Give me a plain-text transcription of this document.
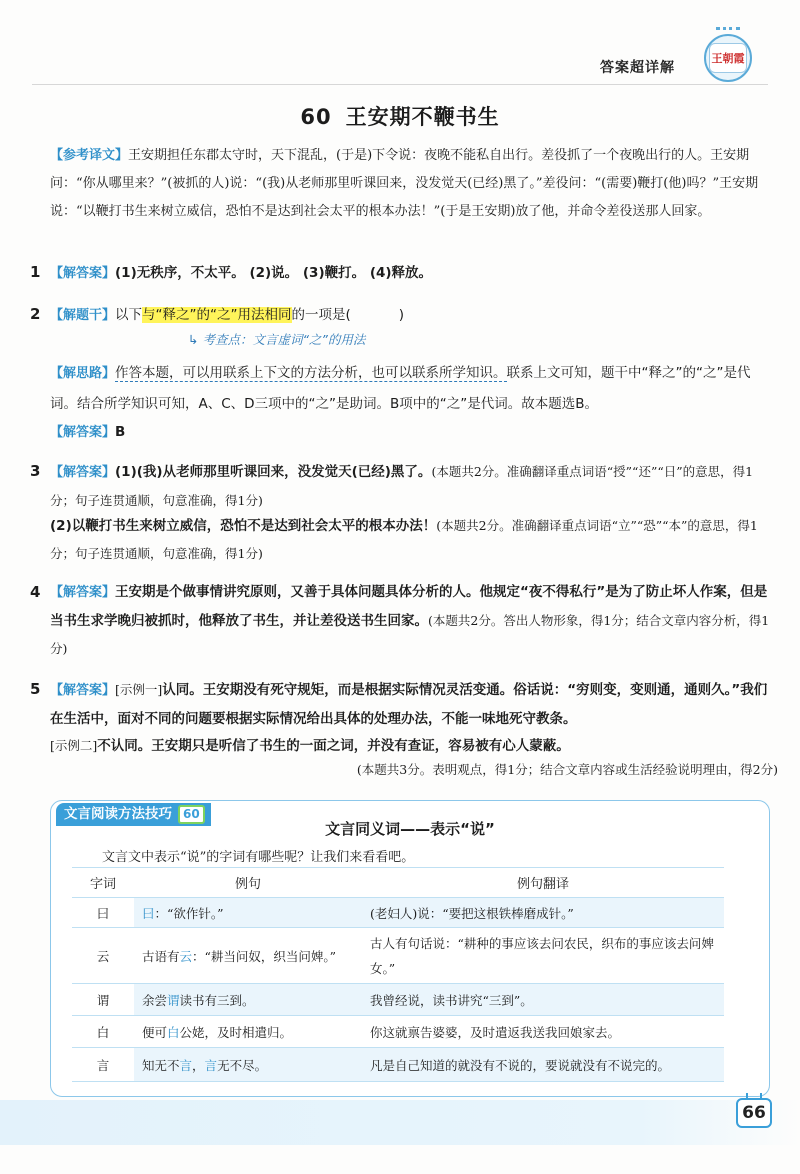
答案超详解
王朝霞
60 王安期不鞭书生
【参考译文】王安期担任东郡太守时，天下混乱，(于是)下令说：夜晚不能私自出行。差役抓了一个夜晚出行的人。王安期问：“你从哪里来？”(被抓的人)说：“(我)从老师那里听课回来，没发觉天(已经)黑了。”差役问：“(需要)鞭打(他)吗？”王安期说：“以鞭打书生来树立威信，恐怕不是达到社会太平的根本办法！”(于是王安期)放了他，并命令差役送那人回家。
1 【解答案】(1)无秩序，不太平。 (2)说。 (3)鞭打。 (4)释放。
2 【解题干】以下与“释之”的“之”用法相同的一项是(	)
↳ 考查点：文言虚词“之”的用法
【解思路】作答本题，可以用联系上下文的方法分析，也可以联系所学知识。联系上文可知，题干中“释之”的“之”是代词。结合所学知识可知，A、C、D三项中的“之”是助词。B项中的“之”是代词。故本题选B。
【解答案】B
3 【解答案】(1)(我)从老师那里听课回来，没发觉天(已经)黑了。(本题共2分。准确翻译重点词语“授”“还”“日”的意思，得1分；句子连贯通顺，句意准确，得1分)
(2)以鞭打书生来树立威信，恐怕不是达到社会太平的根本办法！(本题共2分。准确翻译重点词语“立”“恐”“本”的意思，得1分；句子连贯通顺，句意准确，得1分)
4 【解答案】王安期是个做事情讲究原则，又善于具体问题具体分析的人。他规定“夜不得私行”是为了防止坏人作案，但是当书生求学晚归被抓时，他释放了书生，并让差役送书生回家。(本题共2分。答出人物形象，得1分；结合文章内容分析，得1分)
5 【解答案】[示例一]认同。王安期没有死守规矩，而是根据实际情况灵活变通。俗话说：“穷则变，变则通，通则久。”我们在生活中，面对不同的问题要根据实际情况给出具体的处理办法，不能一味地死守教条。
[示例二]不认同。王安期只是听信了书生的一面之词，并没有查证，容易被有心人蒙蔽。
(本题共3分。表明观点，得1分；结合文章内容或生活经验说明理由，得2分)
文言阅读方法技巧 60
文言同义词——表示“说”
文言文中表示“说”的字词有哪些呢？让我们来看看吧。
字词	例句	例句翻译
曰	曰：“欲作针。”	(老妇人)说：“要把这根铁棒磨成针。”
云	古语有云：“耕当问奴，织当问婢。”	古人有句话说：“耕种的事应该去问农民，织布的事应该去问婢女。”
谓	余尝谓读书有三到。	我曾经说，读书讲究“三到”。
白	便可白公姥，及时相遣归。	你这就禀告婆婆，及时遣返我送我回娘家去。
言	知无不言，言无不尽。	凡是自己知道的就没有不说的，要说就没有不说完的。
66
